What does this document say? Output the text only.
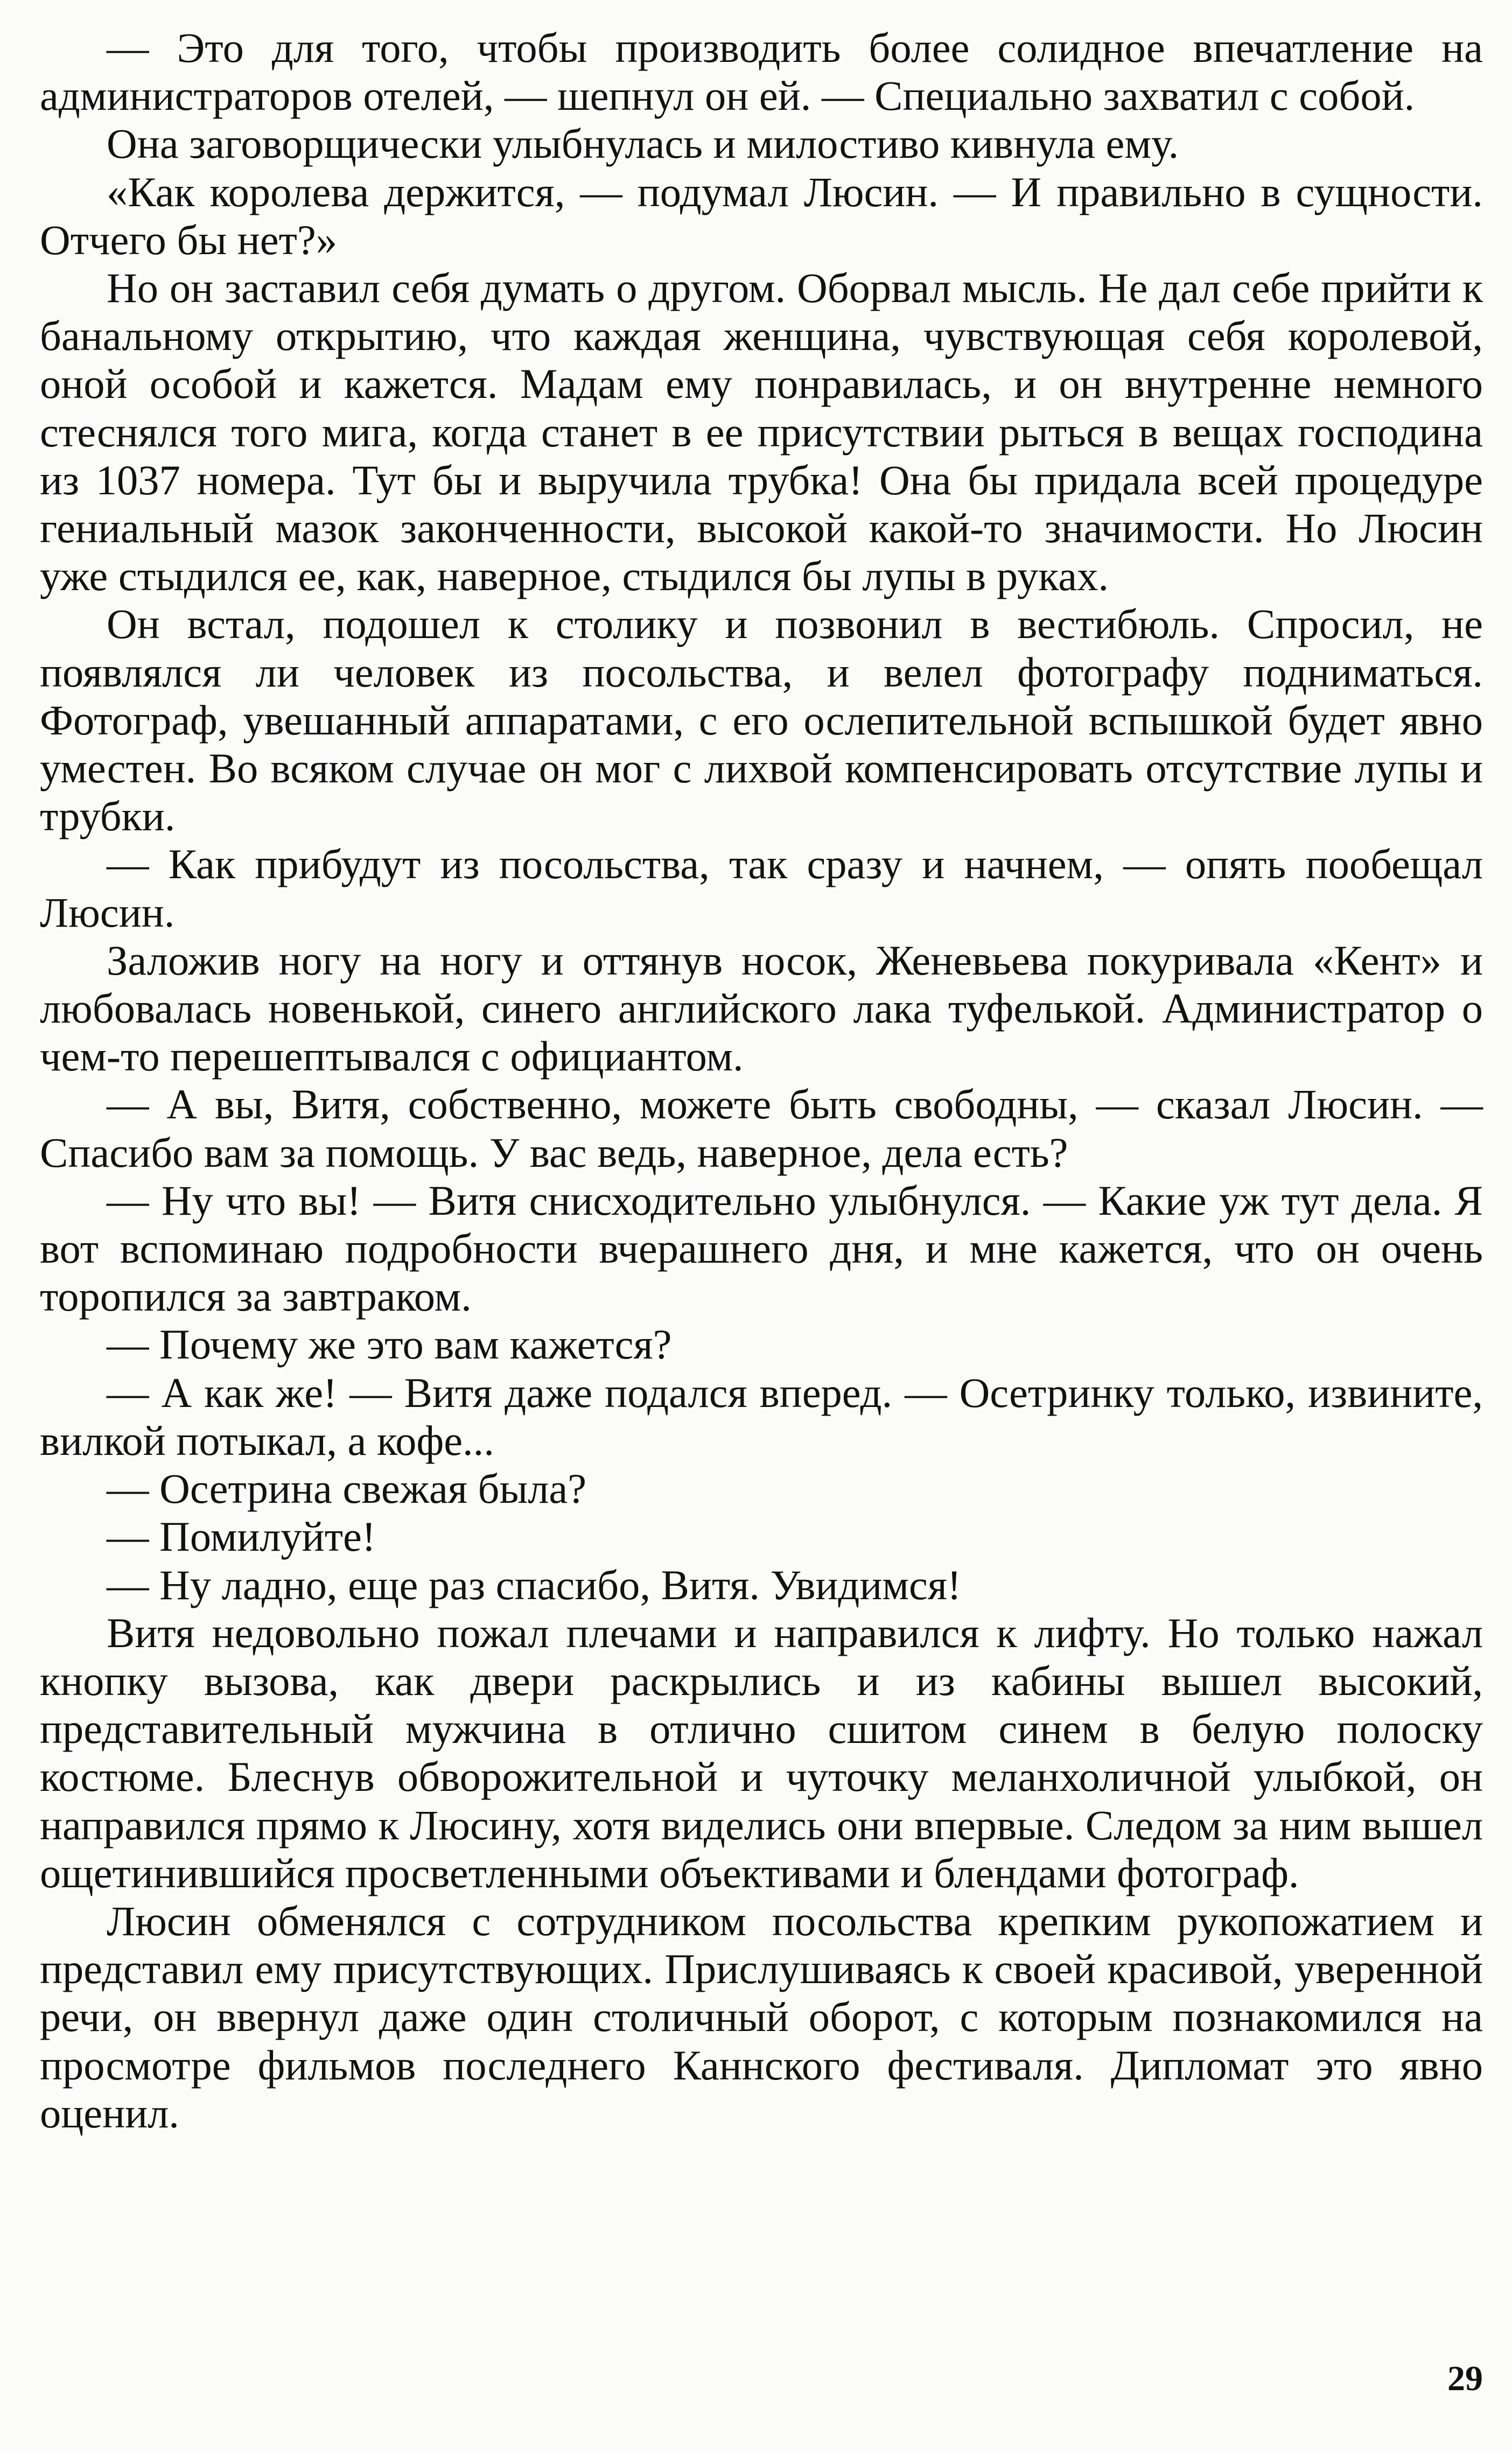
— Это для того, чтобы производить более солидное впечатление на администраторов отелей, — шепнул он ей. — Специально захватил с собой.

Она заговорщически улыбнулась и милостиво кивнула ему.

«Как королева держится, — подумал Люсин. — И правильно в сущности. Отчего бы нет?»

Но он заставил себя думать о другом. Оборвал мысль. Не дал себе прийти к банальному открытию, что каждая женщина, чувствующая себя королевой, оной особой и кажется. Мадам ему понравилась, и он внутренне немного стеснялся того мига, когда станет в ее присутствии рыться в вещах господина из 1037 номера. Тут бы и выручила трубка! Она бы придала всей процедуре гениальный мазок законченности, высокой какой-то значимости. Но Люсин уже стыдился ее, как, наверное, стыдился бы лупы в руках.

Он встал, подошел к столику и позвонил в вестибюль. Спросил, не появлялся ли человек из посольства, и велел фотографу подниматься. Фотограф, увешанный аппаратами, с его ослепительной вспышкой будет явно уместен. Во всяком случае он мог с лихвой компенсировать отсутствие лупы и трубки.

— Как прибудут из посольства, так сразу и начнем, — опять пообещал Люсин.

Заложив ногу на ногу и оттянув носок, Женевьева покуривала «Кент» и любовалась новенькой, синего английского лака туфелькой. Администратор о чем-то перешептывался с официантом.

— А вы, Витя, собственно, можете быть свободны, — сказал Люсин. — Спасибо вам за помощь. У вас ведь, наверное, дела есть?

— Ну что вы! — Витя снисходительно улыбнулся. — Какие уж тут дела. Я вот вспоминаю подробности вчерашнего дня, и мне кажется, что он очень торопился за завтраком.

— Почему же это вам кажется?

— А как же! — Витя даже подался вперед. — Осетринку только, извините, вилкой потыкал, а кофе...

— Осетрина свежая была?

— Помилуйте!

— Ну ладно, еще раз спасибо, Витя. Увидимся!

Витя недовольно пожал плечами и направился к лифту. Но только нажал кнопку вызова, как двери раскрылись и из кабины вышел высокий, представительный мужчина в отлично сшитом синем в белую полоску костюме. Блеснув обворожительной и чуточку меланхоличной улыбкой, он направился прямо к Люсину, хотя виделись они впервые. Следом за ним вышел ощетинившийся просветленными объективами и блендами фотограф.

Люсин обменялся с сотрудником посольства крепким рукопожатием и представил ему присутствующих. Прислушиваясь к своей красивой, уверенной речи, он ввернул даже один столичный оборот, с которым познакомился на просмотре фильмов последнего Каннского фестиваля. Дипломат это явно оценил.

29
